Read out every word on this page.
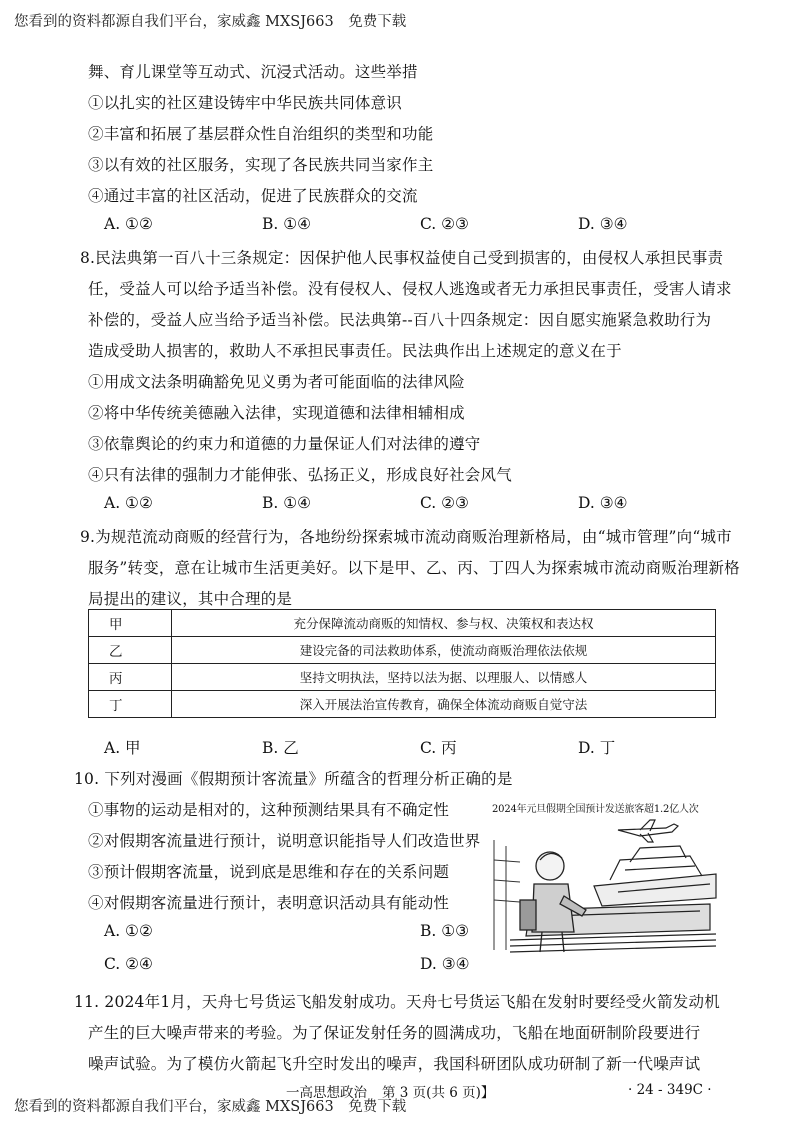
您看到的资料都源自我们平台，家威鑫 MXSJ663　免费下载
舞、育儿课堂等互动式、沉浸式活动。这些举措
①以扎实的社区建设铸牢中华民族共同体意识
②丰富和拓展了基层群众性自治组织的类型和功能
③以有效的社区服务，实现了各民族共同当家作主
④通过丰富的社区活动，促进了民族群众的交流
A. ①②	B. ①④	C. ②③	D. ③④
8.民法典第一百八十三条规定：因保护他人民事权益使自己受到损害的，由侵权人承担民事责
任，受益人可以给予适当补偿。没有侵权人、侵权人逃逸或者无力承担民事责任，受害人请求
补偿的，受益人应当给予适当补偿。民法典第--百八十四条规定：因自愿实施紧急救助行为
造成受助人损害的，救助人不承担民事责任。民法典作出上述规定的意义在于
①用成文法条明确豁免见义勇为者可能面临的法律风险
②将中华传统美德融入法律，实现道德和法律相辅相成
③依靠舆论的约束力和道德的力量保证人们对法律的遵守
④只有法律的强制力才能伸张、弘扬正义，形成良好社会风气
A. ①②	B. ①④	C. ②③	D. ③④
9.为规范流动商贩的经营行为，各地纷纷探索城市流动商贩治理新格局，由“城市管理”向“城市
服务”转变，意在让城市生活更美好。以下是甲、乙、丙、丁四人为探索城市流动商贩治理新格
局提出的建议，其中合理的是
甲	充分保障流动商贩的知情权、参与权、决策权和表达权
乙	建设完备的司法救助体系，使流动商贩治理依法依规
丙	坚持文明执法，坚持以法为据、以理服人、以情感人
丁	深入开展法治宣传教育，确保全体流动商贩自觉守法
A. 甲	B. 乙	C. 丙	D. 丁
10. 下列对漫画《假期预计客流量》所蕴含的哲理分析正确的是
①事物的运动是相对的，这种预测结果具有不确定性
②对假期客流量进行预计，说明意识能指导人们改造世界
③预计假期客流量，说到底是思维和存在的关系问题
④对假期客流量进行预计，表明意识活动具有能动性
A. ①②	B. ①③
C. ②④	D. ③④
2024年元旦假期全国预计发送旅客超1.2亿人次
11. 2024年1月，天舟七号货运飞船发射成功。天舟七号货运飞船在发射时要经受火箭发动机
产生的巨大噪声带来的考验。为了保证发射任务的圆满成功，飞船在地面研制阶段要进行
噪声试验。为了模仿火箭起飞升空时发出的噪声，我国科研团队成功研制了新一代噪声试
一高思想政治 第 3 页(共 6 页)】	· 24 - 349C ·
您看到的资料都源自我们平台，家威鑫 MXSJ663　免费下载
